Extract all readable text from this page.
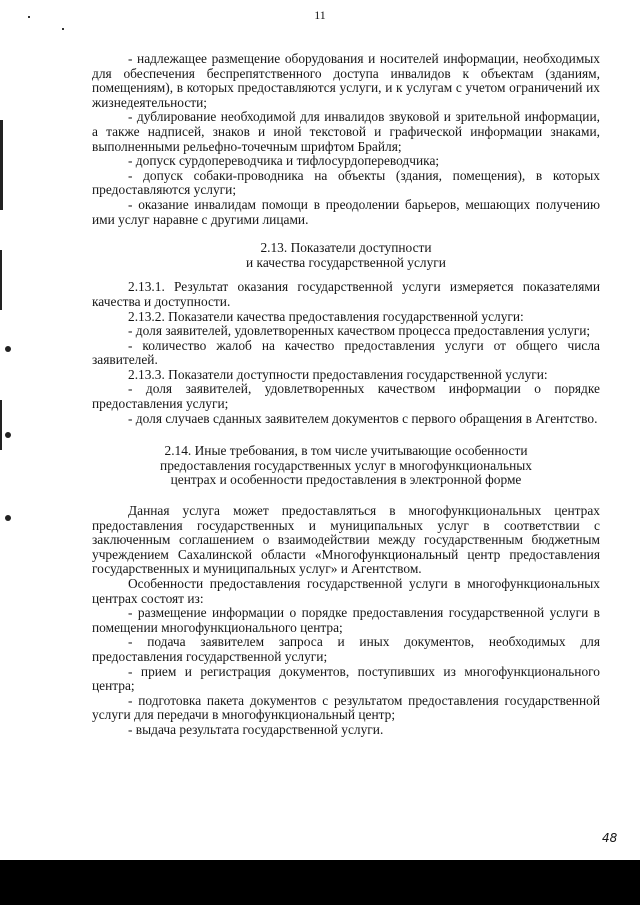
11

- надлежащее размещение оборудования и носителей информации, необходимых для обеспечения беспрепятственного доступа инвалидов к объектам (зданиям, помещениям), в которых предоставляются услуги, и к услугам с учетом ограничений их жизнедеятельности;

- дублирование необходимой для инвалидов звуковой и зрительной информации, а также надписей, знаков и иной текстовой и графической информации знаками, выполненными рельефно-точечным шрифтом Брайля;

- допуск сурдопереводчика и тифлосурдопереводчика;

- допуск собаки-проводника на объекты (здания, помещения), в которых предоставляются услуги;

- оказание инвалидам помощи в преодолении барьеров, мешающих получению ими услуг наравне с другими лицами.

2.13. Показатели доступности
и качества государственной услуги

2.13.1. Результат оказания государственной услуги измеряется показателями качества и доступности.

2.13.2. Показатели качества предоставления государственной услуги:

- доля заявителей, удовлетворенных качеством процесса предоставления услуги;

- количество жалоб на качество предоставления услуги от общего числа заявителей.

2.13.3. Показатели доступности предоставления государственной услуги:

- доля заявителей, удовлетворенных качеством информации о порядке предоставления услуги;

- доля случаев сданных заявителем документов с первого обращения в Агентство.

2.14. Иные требования, в том числе учитывающие особенности
предоставления государственных услуг в многофункциональных
центрах и особенности предоставления в электронной форме

Данная услуга может предоставляться в многофункциональных центрах предоставления государственных и муниципальных услуг в соответствии с заключенным соглашением о взаимодействии между государственным бюджетным учреждением Сахалинской области «Многофункциональный центр предоставления государственных и муниципальных услуг» и Агентством.

Особенности предоставления государственной услуги в многофункциональных центрах состоят из:

- размещение информации о порядке предоставления государственной услуги в помещении многофункционального центра;

- подача заявителем запроса и иных документов, необходимых для предоставления государственной услуги;

- прием и регистрация документов, поступивших из многофункционального центра;

- подготовка пакета документов с результатом предоставления государственной услуги для передачи в многофункциональный центр;

- выдача результата государственной услуги.

48
